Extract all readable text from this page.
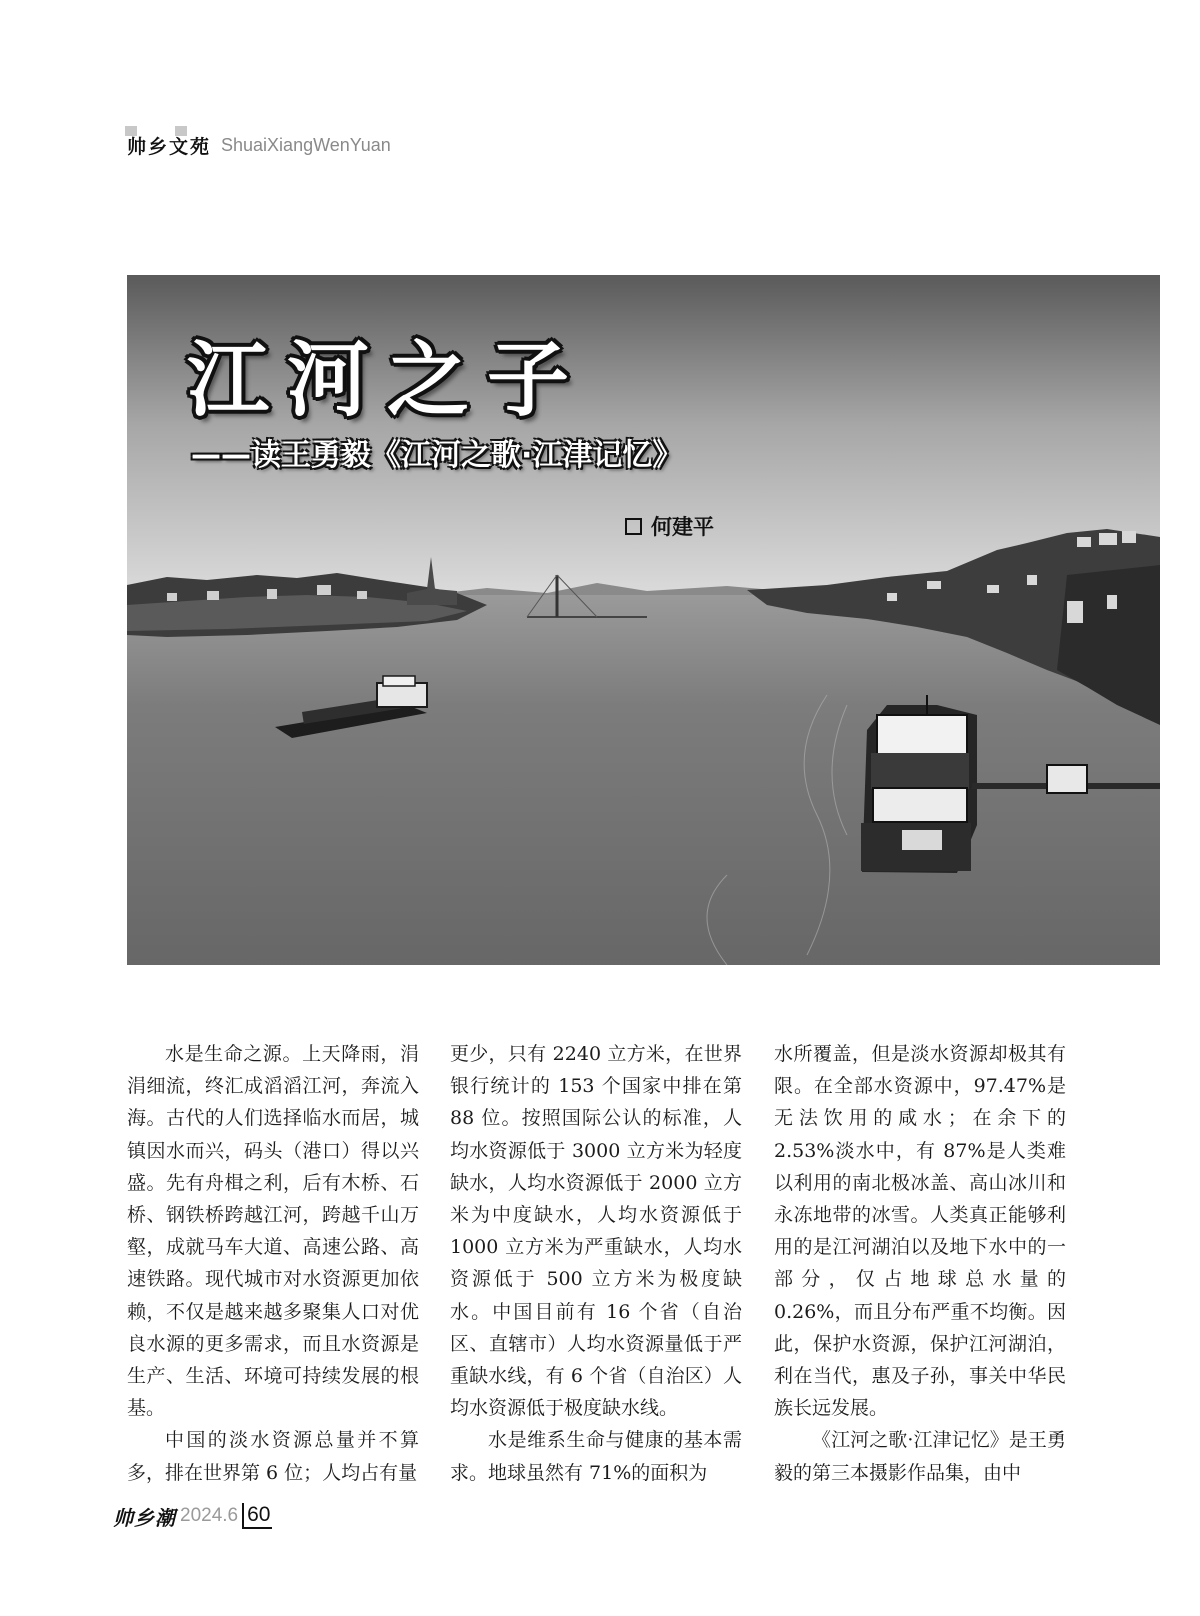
帅乡文苑 ShuaiXiangWenYuan
江河之子
——读王勇毅《江河之歌·江津记忆》
何建平

水是生命之源。上天降雨，涓涓细流，终汇成滔滔江河，奔流入海。古代的人们选择临水而居，城镇因水而兴，码头（港口）得以兴盛。先有舟楫之利，后有木桥、石桥、钢铁桥跨越江河，跨越千山万壑，成就马车大道、高速公路、高速铁路。现代城市对水资源更加依赖，不仅是越来越多聚集人口对优良水源的更多需求，而且水资源是生产、生活、环境可持续发展的根基。

中国的淡水资源总量并不算多，排在世界第 6 位；人均占有量

更少，只有 2240 立方米，在世界银行统计的 153 个国家中排在第 88 位。按照国际公认的标准，人均水资源低于 3000 立方米为轻度缺水，人均水资源低于 2000 立方米为中度缺水，人均水资源低于 1000 立方米为严重缺水，人均水资源低于 500 立方米为极度缺水。中国目前有 16 个省（自治区、直辖市）人均水资源量低于严重缺水线，有 6 个省（自治区）人均水资源低于极度缺水线。

水是维系生命与健康的基本需求。地球虽然有 71%的面积为

水所覆盖，但是淡水资源却极其有限。在全部水资源中，97.47%是无法饮用的咸水；在余下的 2.53%淡水中，有 87%是人类难以利用的南北极冰盖、高山冰川和永冻地带的冰雪。人类真正能够利用的是江河湖泊以及地下水中的一部分，仅占地球总水量的 0.26%，而且分布严重不均衡。因此，保护水资源，保护江河湖泊，利在当代，惠及子孙，事关中华民族长远发展。

《江河之歌·江津记忆》是王勇毅的第三本摄影作品集，由中

帅乡潮 2024.6 60
